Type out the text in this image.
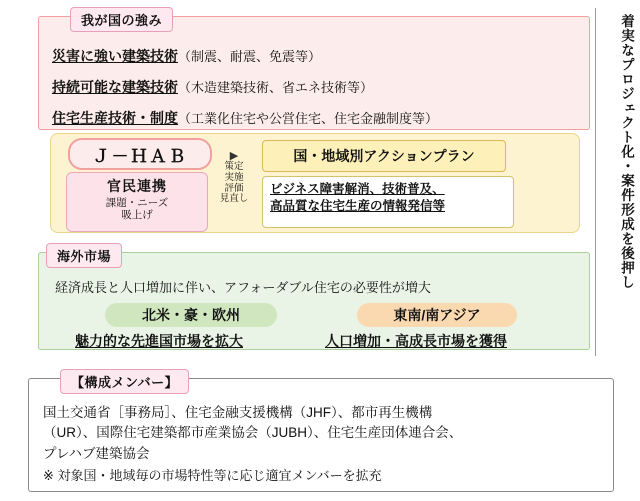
我が国の強み
災害に強い建築技術（制震、耐震、免震等）
持続可能な建築技術（木造建築技術、省エネ技術等）
住宅生産技術・制度（工業化住宅や公営住宅、住宅金融制度等）	着実なプロジェクト化・案件形成を後押し
Ｊ－ＨＡＢ
官民連携
課題・ニーズ
吸上げ
▶
策定
実施
評価
見直し
国・地域別アクションプラン
ビジネス障害解消、技術普及、
高品質な住宅生産の情報発信等
経済成長と人口増加に伴い、アフォーダブル住宅の必要性が増大
北米・豪・欧州	東南/南アジア
魅力的な先進国市場を拡大	人口増加・高成長市場を獲得
海外市場
国土交通省［事務局］、住宅金融支援機構（JHF）、都市再生機構
（UR）、国際住宅建築都市産業協会（JUBH）、住宅生産団体連合会、
プレハブ建築協会
※ 対象国・地域毎の市場特性等に応じ適宜メンバーを拡充
【構成メンバー】
